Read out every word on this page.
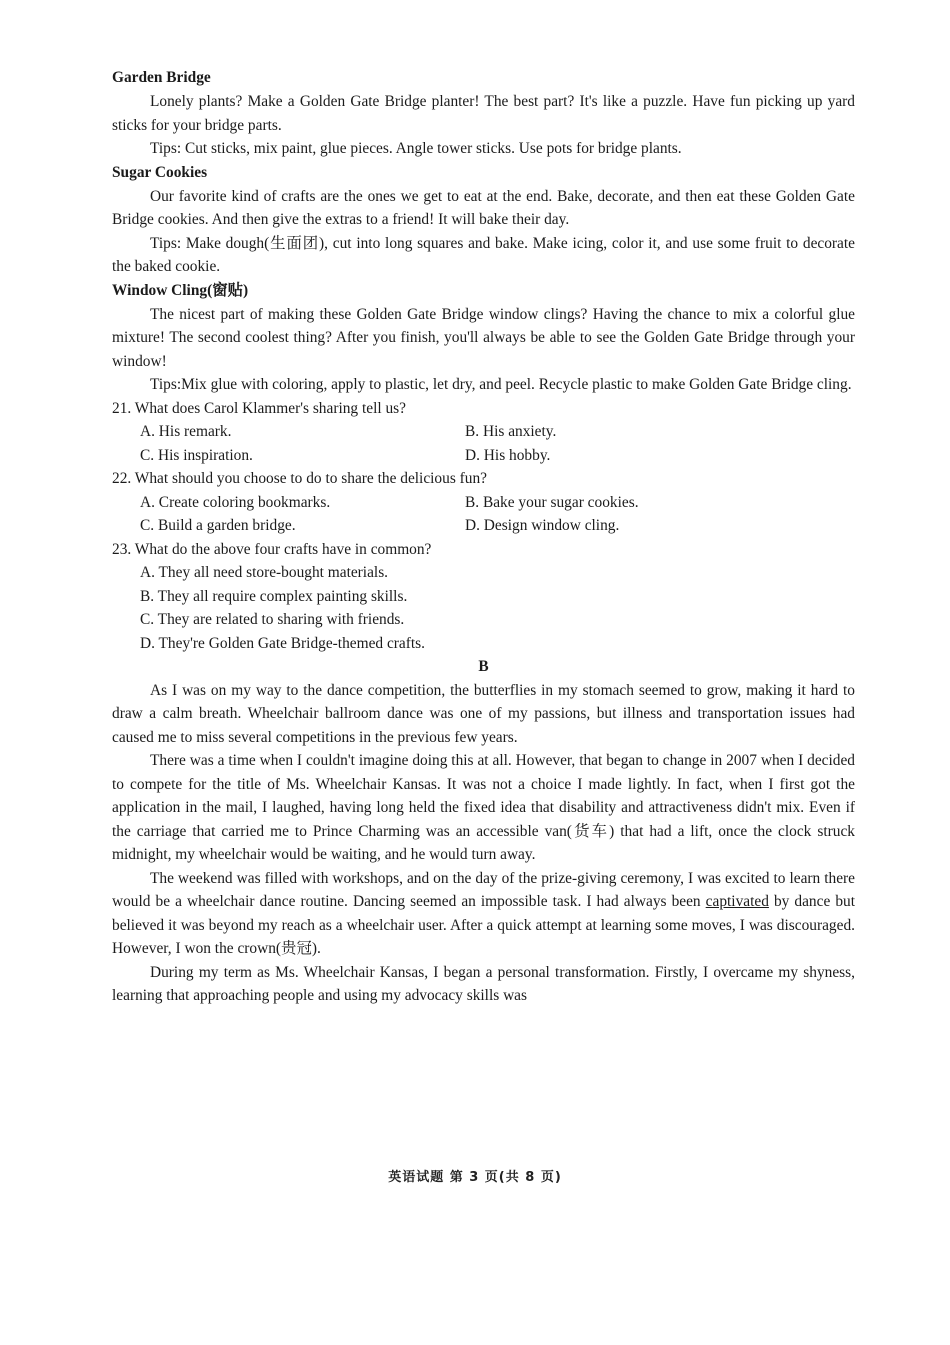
Garden Bridge

Lonely plants? Make a Golden Gate Bridge planter! The best part? It's like a puzzle. Have fun picking up yard sticks for your bridge parts.

Tips: Cut sticks, mix paint, glue pieces. Angle tower sticks. Use pots for bridge plants.

Sugar Cookies

Our favorite kind of crafts are the ones we get to eat at the end. Bake, decorate, and then eat these Golden Gate Bridge cookies. And then give the extras to a friend! It will bake their day.

Tips: Make dough(生面团), cut into long squares and bake. Make icing, color it, and use some fruit to decorate the baked cookie.

Window Cling(窗贴)

The nicest part of making these Golden Gate Bridge window clings? Having the chance to mix a colorful glue mixture! The second coolest thing? After you finish, you'll always be able to see the Golden Gate Bridge through your window!

Tips:Mix glue with coloring, apply to plastic, let dry, and peel. Recycle plastic to make Golden Gate Bridge cling.

21. What does Carol Klammer's sharing tell us?

A. His remark.	B. His anxiety.
C. His inspiration.	D. His hobby.

22. What should you choose to do to share the delicious fun?

A. Create coloring bookmarks.	B. Bake your sugar cookies.
C. Build a garden bridge.	D. Design window cling.

23. What do the above four crafts have in common?

A. They all need store-bought materials.
B. They all require complex painting skills.
C. They are related to sharing with friends.
D. They're Golden Gate Bridge-themed crafts.

B

As I was on my way to the dance competition, the butterflies in my stomach seemed to grow, making it hard to draw a calm breath. Wheelchair ballroom dance was one of my passions, but illness and transportation issues had caused me to miss several competitions in the previous few years.

There was a time when I couldn't imagine doing this at all. However, that began to change in 2007 when I decided to compete for the title of Ms. Wheelchair Kansas. It was not a choice I made lightly. In fact, when I first got the application in the mail, I laughed, having long held the fixed idea that disability and attractiveness didn't mix. Even if the carriage that carried me to Prince Charming was an accessible van(货车) that had a lift, once the clock struck midnight, my wheelchair would be waiting, and he would turn away.

The weekend was filled with workshops, and on the day of the prize-giving ceremony, I was excited to learn there would be a wheelchair dance routine. Dancing seemed an impossible task. I had always been captivated by dance but believed it was beyond my reach as a wheelchair user. After a quick attempt at learning some moves, I was discouraged. However, I won the crown(贵冠).

During my term as Ms. Wheelchair Kansas, I began a personal transformation. Firstly, I overcame my shyness, learning that approaching people and using my advocacy skills was

英语试题 第 3 页(共 8 页)
